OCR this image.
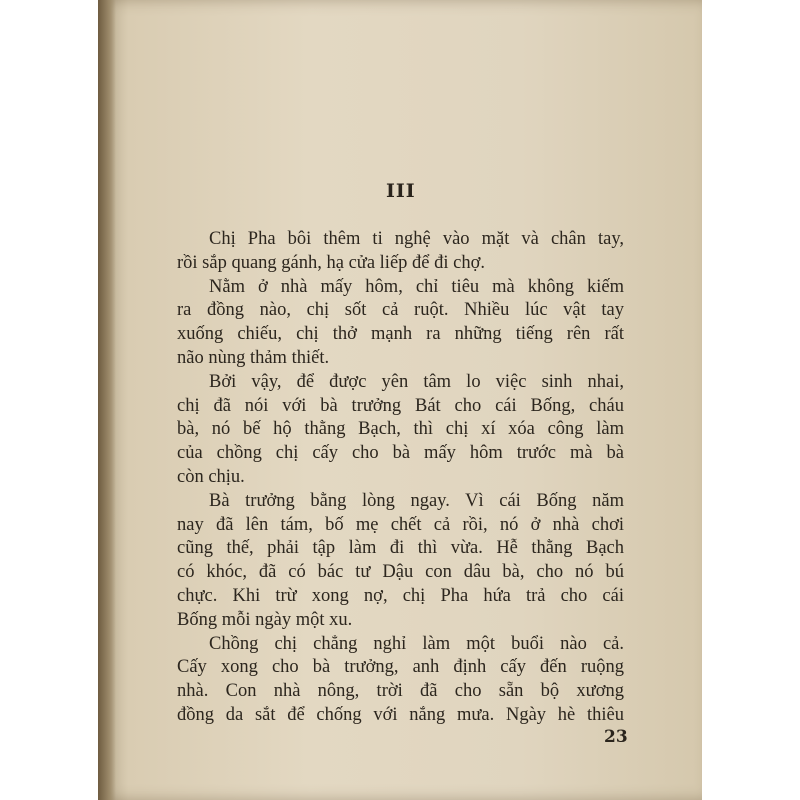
III
Chị Pha bôi thêm ti nghệ vào mặt và chân tay,
rồi sắp quang gánh, hạ cửa liếp để đi chợ.
Nằm ở nhà mấy hôm, chỉ tiêu mà không kiếm
ra đồng nào, chị sốt cả ruột. Nhiều lúc vật tay
xuống chiếu, chị thở mạnh ra những tiếng rên rất
não nùng thảm thiết.
Bởi vậy, để được yên tâm lo việc sinh nhai,
chị đã nói với bà trưởng Bát cho cái Bống, cháu
bà, nó bế hộ thằng Bạch, thì chị xí xóa công làm
của chồng chị cấy cho bà mấy hôm trước mà bà
còn chịu.
Bà trưởng bằng lòng ngay. Vì cái Bống năm
nay đã lên tám, bố mẹ chết cả rồi, nó ở nhà chơi
cũng thế, phải tập làm đi thì vừa. Hễ thằng Bạch
có khóc, đã có bác tư Dậu con dâu bà, cho nó bú
chực. Khi trừ xong nợ, chị Pha hứa trả cho cái
Bống mỗi ngày một xu.
Chồng chị chẳng nghỉ làm một buổi nào cả.
Cấy xong cho bà trưởng, anh định cấy đến ruộng
nhà. Con nhà nông, trời đã cho sẵn bộ xương
đồng da sắt để chống với nắng mưa. Ngày hè thiêu
23
